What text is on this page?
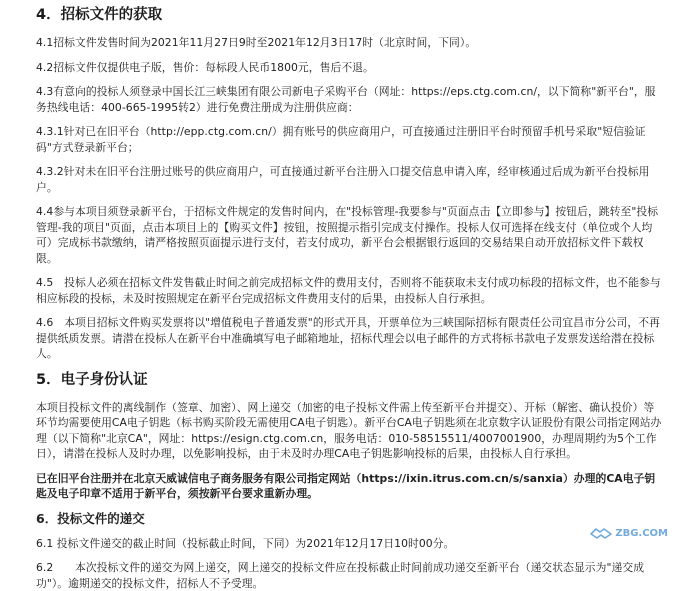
4．招标文件的获取
4.1招标文件发售时间为2021年11月27日9时至2021年12月3日17时（北京时间，下同）。
4.2招标文件仅提供电子版，售价：每标段人民币1800元，售后不退。
4.3有意向的投标人须登录中国长江三峡集团有限公司新电子采购平台（网址：https://eps.ctg.com.cn/，以下简称"新平台"，服务热线电话：400-665-1995转2）进行免费注册成为注册供应商：
4.3.1针对已在旧平台（http://epp.ctg.com.cn/）拥有账号的供应商用户，可直接通过注册旧平台时预留手机号采取"短信验证码"方式登录新平台；
4.3.2针对未在旧平台注册过账号的供应商用户，可直接通过新平台注册入口提交信息申请入库，经审核通过后成为新平台投标用户。
4.4参与本项目须登录新平台，于招标文件规定的发售时间内，在"投标管理-我要参与"页面点击【立即参与】按钮后，跳转至"投标管理-我的项目"页面，点击本项目上的【购买文件】按钮，按照提示指引完成支付操作。投标人仅可选择在线支付（单位或个人均可）完成标书款缴纳，请严格按照页面提示进行支付，若支付成功，新平台会根据银行返回的交易结果自动开放招标文件下载权限。
4.5　投标人必须在招标文件发售截止时间之前完成招标文件的费用支付，否则将不能获取未支付成功标段的招标文件，也不能参与相应标段的投标，未及时按照规定在新平台完成招标文件费用支付的后果，由投标人自行承担。
4.6　本项目招标文件购买发票将以"增值税电子普通发票"的形式开具，开票单位为三峡国际招标有限责任公司宜昌市分公司，不再提供纸质发票。请潜在投标人在新平台中准确填写电子邮箱地址，招标代理会以电子邮件的方式将标书款电子发票发送给潜在投标人。
5．电子身份认证
本项目投标文件的离线制作（签章、加密）、网上递交（加密的电子投标文件需上传至新平台并提交）、开标（解密、确认投价）等环节均需要使用CA电子钥匙（标书购买阶段无需使用CA电子钥匙）。新平台CA电子钥匙须在北京数字认证股份有限公司指定网站办理（以下简称"北京CA"，网址：https://esign.ctg.com.cn，服务电话：010-58515511/4007001900，办理周期约为5个工作日），请潜在投标人及时办理，以免影响投标，由于未及时办理CA电子钥匙影响投标的后果，由投标人自行承担。
已在旧平台注册并在北京天威诚信电子商务服务有限公司指定网站（https://ixin.itrus.com.cn/s/sanxia）办理的CA电子钥匙及电子印章不适用于新平台，须按新平台要求重新办理。
6．投标文件的递交
6.1 投标文件递交的截止时间（投标截止时间，下同）为2021年12月17日10时00分。
6.2　　本次投标文件的递交为网上递交，网上递交的投标文件应在投标截止时间前成功递交至新平台（递交状态显示为"递交成功"）。逾期递交的投标文件，招标人不予受理。
ZBG.COM
